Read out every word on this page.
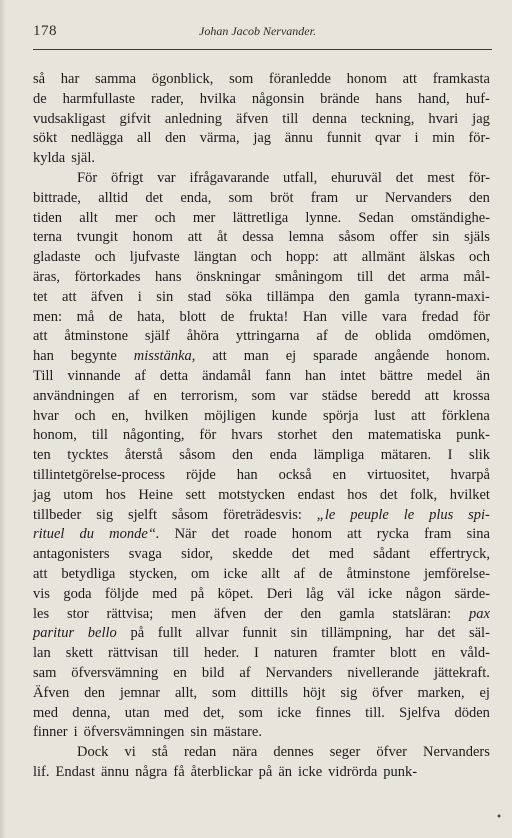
178	Johan Jacob Nervander.
så har samma ögonblick, som föranledde honom att framkasta
de harmfullaste rader, hvilka någonsin brände hans hand, huf-
vudsakligast gifvit anledning äfven till denna teckning, hvari jag
sökt nedlägga all den värma, jag ännu funnit qvar i min för-
kylda själ.
För öfrigt var ifrågavarande utfall, ehuruväl det mest för-
bittrade, alltid det enda, som bröt fram ur Nervanders den
tiden allt mer och mer lättretliga lynne. Sedan omständighe-
terna tvungit honom att åt dessa lemna såsom offer sin själs
gladaste och ljufvaste längtan och hopp: att allmänt älskas och
äras, förtorkades hans önskningar småningom till det arma mål-
tet att äfven i sin stad söka tillämpa den gamla tyrann-maxi-
men: må de hata, blott de frukta! Han ville vara fredad för
att åtminstone själf åhöra yttringarna af de oblida omdömen,
han begynte misstänka, att man ej sparade angående honom.
Till vinnande af detta ändamål fann han intet bättre medel än
användningen af en terrorism, som var städse beredd att krossa
hvar och en, hvilken möjligen kunde spörja lust att förklena
honom, till någonting, för hvars storhet den matematiska punk-
ten tycktes återstå såsom den enda lämpliga mätaren. I slik
tillintetgörelse-process röjde han också en virtuositet, hvarpå
jag utom hos Heine sett motstycken endast hos det folk, hvilket
tillbeder sig sjelft såsom företrädesvis: „le peuple le plus spi-
rituel du monde“. När det roade honom att rycka fram sina
antagonisters svaga sidor, skedde det med sådant effertryck,
att betydliga stycken, om icke allt af de åtminstone jemförelse-
vis goda följde med på köpet. Deri låg väl icke någon särde-
les stor rättvisa; men äfven der den gamla statsläran: pax
paritur bello på fullt allvar funnit sin tillämpning, har det säl-
lan skett rättvisan till heder. I naturen framter blott en våld-
sam öfversvämning en bild af Nervanders nivellerande jättekraft.
Äfven den jemnar allt, som dittills höjt sig öfver marken, ej
med denna, utan med det, som icke finnes till. Sjelfva döden
finner i öfversvämningen sin mästare.
Dock vi stå redan nära dennes seger öfver Nervanders
lif. Endast ännu några få återblickar på än icke vidrörda punk-
•
